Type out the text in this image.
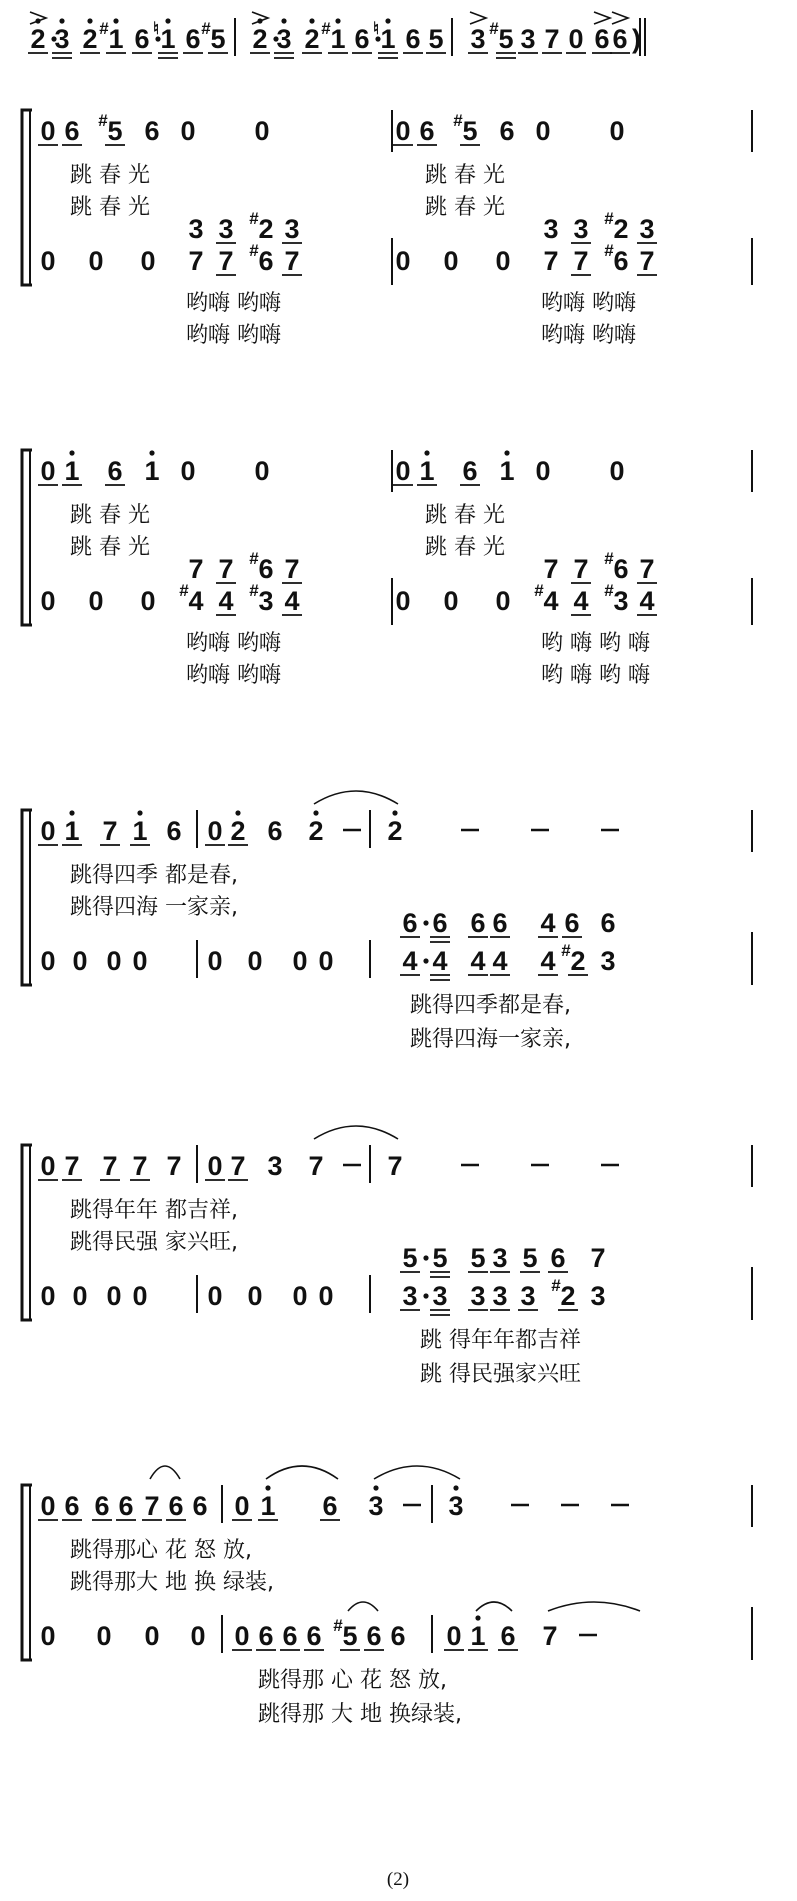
2 3 2 1
# 6 1
♮ 6 5
# 2 3 2 1
# 6 1
♮ 6 5 3 5
# 3 7 0 6 6 )
0 6 5
# 6 0 0
跳 春 光
跳 春 光
3 3 2
# 3
0 0 0 7 7 6
# 7
哟嗨 哟嗨
哟嗨 哟嗨
0 6 5
# 6 0 0
跳 春 光
跳 春 光
3 3 2
# 3
0 0 0 7 7 6
# 7
哟嗨 哟嗨
哟嗨 哟嗨
0 1 6 1 0 0
跳 春 光
跳 春 光
7 7 6
# 7
0 0 0 4
# 4 3
# 4
哟嗨 哟嗨
哟嗨 哟嗨
0 1 6 1 0 0
跳 春 光
跳 春 光
7 7 6
# 7
0 0 0 4
# 4 3
# 4
哟 嗨 哟 嗨
哟 嗨 哟 嗨
0 1 7 1 6 0 2 6 2 2
跳得四季 都是春,
跳得四海 一家亲,
6 6 6 6 4 6 6
0 0 0 0 0 0 0 0	4 4 4 4 4 2
# 3
跳得四季都是春,
跳得四海一家亲,
0 7 7 7 7 0 7 3 7 7
跳得年年 都吉祥,
跳得民强 家兴旺,
5 5 5 3 5 6 7
0 0 0 0 0 0 0 0	3 3 3 3 3 2
# 3
跳 得年年都吉祥
跳 得民强家兴旺
0 6 6 6 7 6 6 0 1 6 3 3
跳得那心 花 怒 放,
跳得那大 地 换 绿装,
0 0 0 0 0 6 6 6 5
# 6 6 0 1 6 7
跳得那 心 花 怒 放,
跳得那 大 地 换绿装,
(2)
